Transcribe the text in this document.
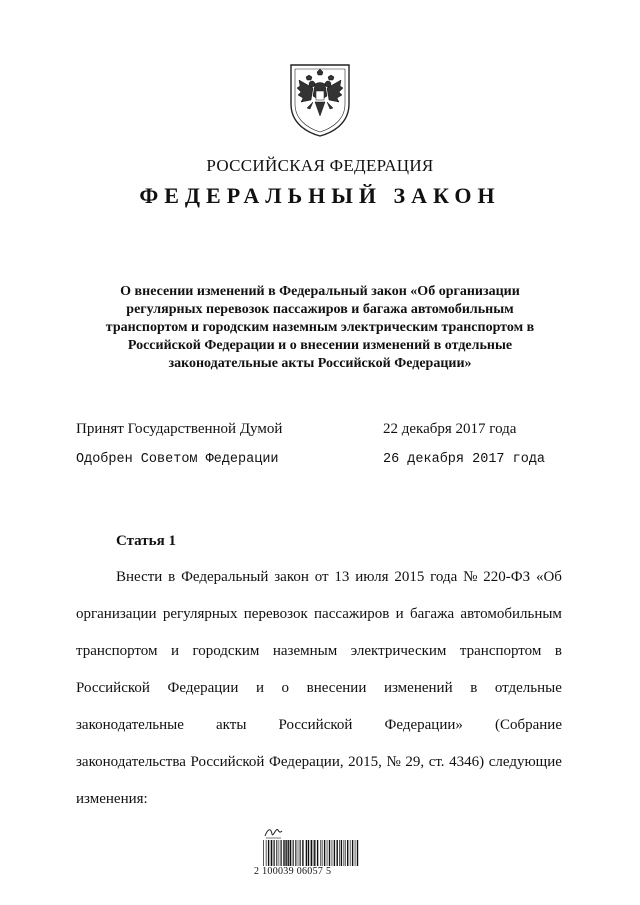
РОССИЙСКАЯ ФЕДЕРАЦИЯ
ФЕДЕРАЛЬНЫЙ ЗАКОН
О внесении изменений в Федеральный закон «Об организации
регулярных перевозок пассажиров и багажа автомобильным
транспортом и городским наземным электрическим транспортом в
Российской Федерации и о внесении изменений в отдельные
законодательные акты Российской Федерации»
Принят Государственной Думой	22 декабря 2017 года
Одобрен Советом Федерации	26 декабря 2017 года
Статья 1
Внести в Федеральный закон от 13 июля 2015 года № 220-ФЗ «Об
организации регулярных перевозок пассажиров и багажа автомобильным
транспортом и городским наземным электрическим транспортом в
Российской Федерации и о внесении изменений в отдельные
законодательные акты Российской Федерации» (Собрание
законодательства Российской Федерации, 2015, № 29, ст. 4346) следующие
изменения:
2 100039 06057 5
